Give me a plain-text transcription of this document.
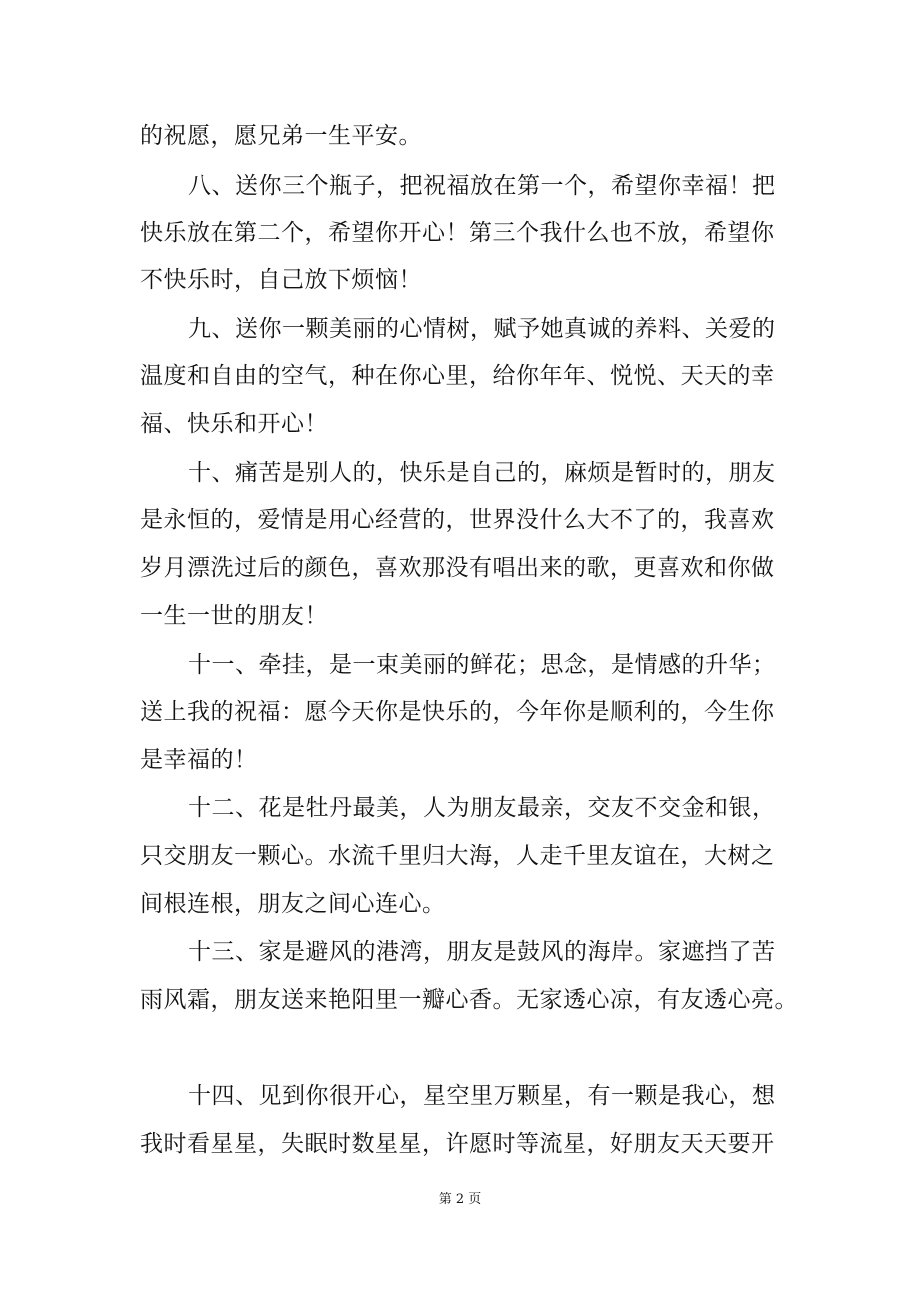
的祝愿，愿兄弟一生平安。
八、送你三个瓶子，把祝福放在第一个，希望你幸福！把
快乐放在第二个，希望你开心！第三个我什么也不放，希望你
不快乐时，自己放下烦恼！
九、送你一颗美丽的心情树，赋予她真诚的养料、关爱的
温度和自由的空气，种在你心里，给你年年、悦悦、天天的幸
福、快乐和开心！
十、痛苦是别人的，快乐是自己的，麻烦是暂时的，朋友
是永恒的，爱情是用心经营的，世界没什么大不了的，我喜欢
岁月漂洗过后的颜色，喜欢那没有唱出来的歌，更喜欢和你做
一生一世的朋友！
十一、牵挂，是一束美丽的鲜花；思念，是情感的升华；
送上我的祝福：愿今天你是快乐的，今年你是顺利的，今生你
是幸福的！
十二、花是牡丹最美，人为朋友最亲，交友不交金和银，
只交朋友一颗心。水流千里归大海，人走千里友谊在，大树之
间根连根，朋友之间心连心。
十三、家是避风的港湾，朋友是鼓风的海岸。家遮挡了苦
雨风霜，朋友送来艳阳里一瓣心香。无家透心凉，有友透心亮。
十四、见到你很开心，星空里万颗星，有一颗是我心，想
我时看星星，失眠时数星星，许愿时等流星，好朋友天天要开
第 2 页
